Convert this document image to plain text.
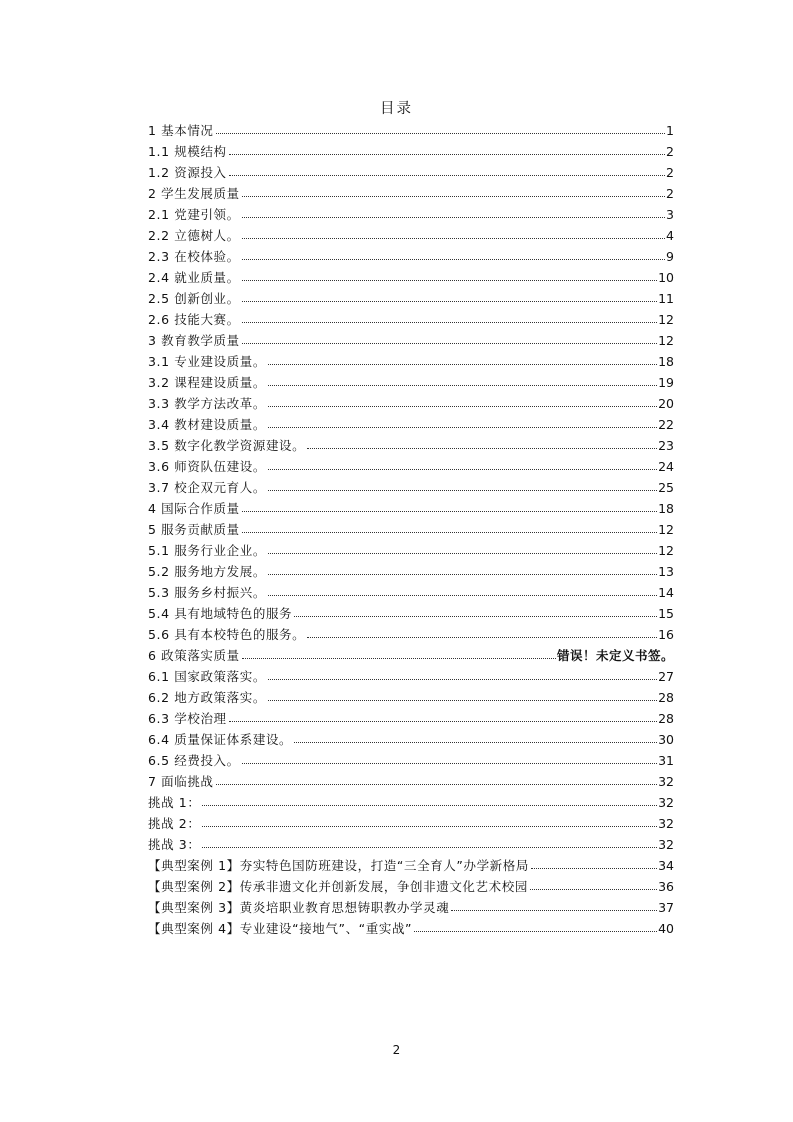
目录
1 基本情况	1
1.1 规模结构	2
1.2 资源投入	2
2 学生发展质量	2
2.1 党建引领。	3
2.2 立德树人。	4
2.3 在校体验。	9
2.4 就业质量。	10
2.5 创新创业。	11
2.6 技能大赛。	12
3 教育教学质量	12
3.1 专业建设质量。	18
3.2 课程建设质量。	19
3.3 教学方法改革。	20
3.4 教材建设质量。	22
3.5 数字化教学资源建设。	23
3.6 师资队伍建设。	24
3.7 校企双元育人。	25
4 国际合作质量	18
5 服务贡献质量	12
5.1 服务行业企业。	12
5.2 服务地方发展。	13
5.3 服务乡村振兴。	14
5.4 具有地域特色的服务	15
5.6 具有本校特色的服务。	16
6 政策落实质量	错误！未定义书签。
6.1 国家政策落实。	27
6.2 地方政策落实。	28
6.3 学校治理	28
6.4 质量保证体系建设。	30
6.5 经费投入。	31
7 面临挑战	32
挑战 1：	32
挑战 2：	32
挑战 3：	32
【典型案例 1】夯实特色国防班建设，打造“三全育人”办学新格局	34
【典型案例 2】传承非遗文化并创新发展，争创非遗文化艺术校园	36
【典型案例 3】黄炎培职业教育思想铸职教办学灵魂	37
【典型案例 4】专业建设“接地气”、“重实战”	40
2
